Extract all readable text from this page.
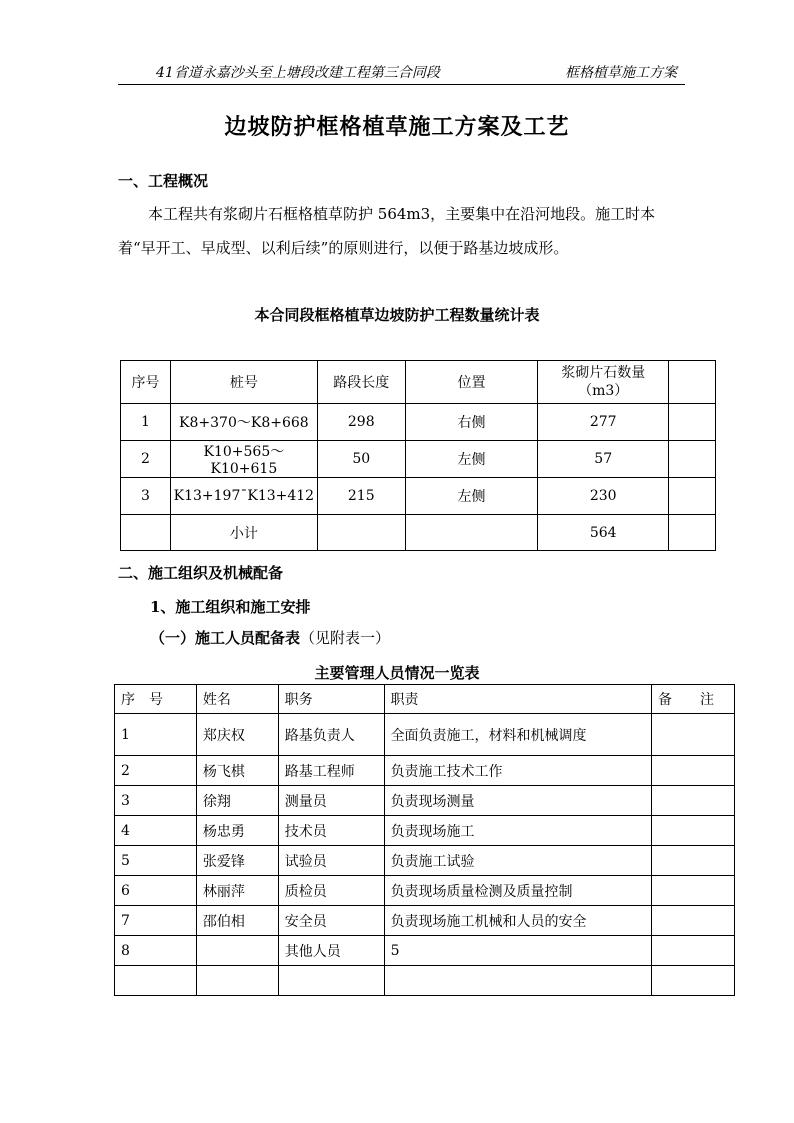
41省道永嘉沙头至上塘段改建工程第三合同段	框格植草施工方案
边坡防护框格植草施工方案及工艺
一、工程概况
本工程共有浆砌片石框格植草防护 564m3，主要集中在沿河地段。施工时本
着“早开工、早成型、以利后续”的原则进行，以便于路基边坡成形。
本合同段框格植草边坡防护工程数量统计表
序号	桩号	路段长度	位置	浆砌片石数量
（m3）	

1	K8+370～K8+668	298	右侧	277	
2	K10+565～K10+615	50	左侧	57	
3	K13+197¯K13+412	215	左侧	230	
	小计			564	
二、施工组织及机械配备
1、施工组织和施工安排
（一）施工人员配备表（见附表一）
主要管理人员情况一览表
序　号	姓名	职务	职责	备　　注
1	郑庆权	路基负责人	全面负责施工，材料和机械调度	
2	杨飞棋	路基工程师	负责施工技术工作	
3	徐翔	测量员	负责现场测量	
4	杨忠勇	技术员	负责现场施工	
5	张爱锋	试验员	负责施工试验	
6	林丽萍	质检员	负责现场质量检测及质量控制	
7	邵伯相	安全员	负责现场施工机械和人员的安全	
8		其他人员	5	
